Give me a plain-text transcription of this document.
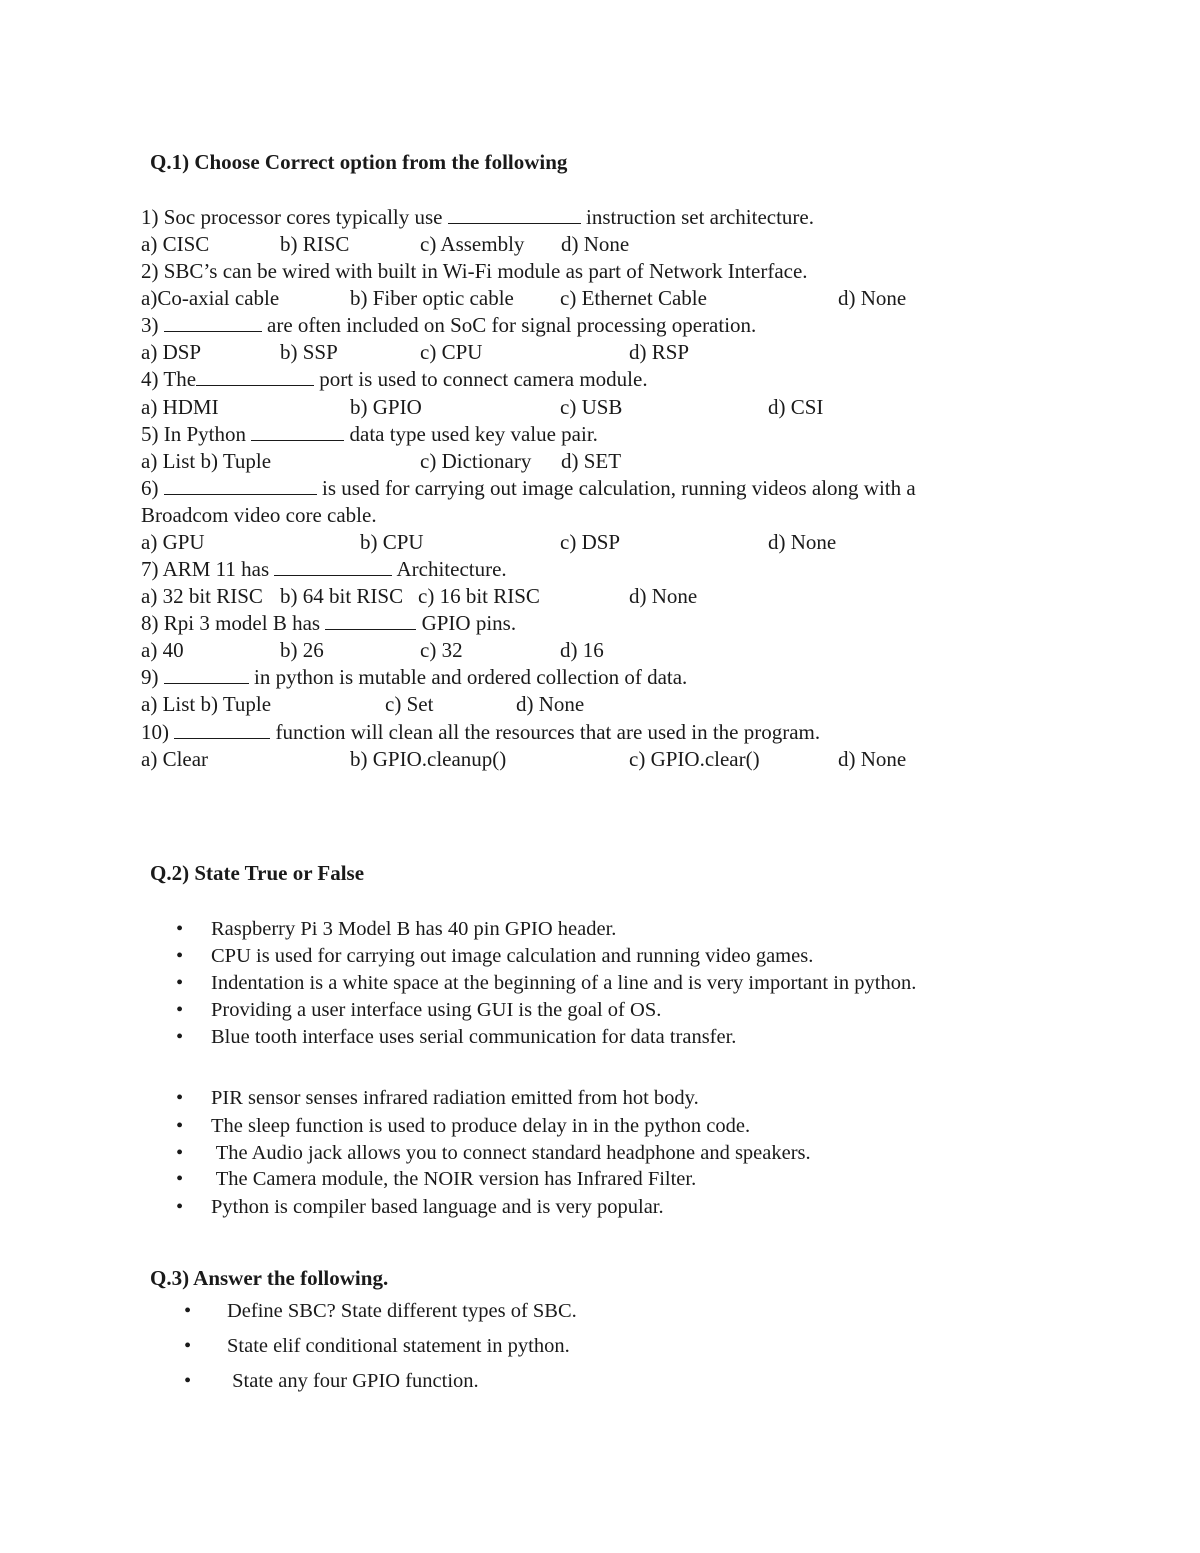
Q.1) Choose Correct option from the following
1) Soc processor cores typically use	instruction set architecture.
a) CISC	b) RISC	c) Assembly d) None
2) SBC’s can be wired with built in Wi-Fi module as part of Network Interface.
a)Co-axial cable	b) Fiber optic cable c) Ethernet Cable	d) None
3)	are often included on SoC for signal processing operation.
a) DSP	b) SSP	c) CPU	d) RSP
4) The	port is used to connect camera module.
a) HDMI	b) GPIO	c) USB	d) CSI
5) In Python	data type used key value pair.
a) List b) Tuple	c) Dictionary d) SET
6)	is used for carrying out image calculation, running videos along with a
Broadcom video core cable.
a) GPU	b) CPU	c) DSP	d) None
7) ARM 11 has	Architecture.
a) 32 bit RISC b) 64 bit RISC c) 16 bit RISC	d) None
8) Rpi 3 model B has	GPIO pins.
a) 40	b) 26	c) 32	d) 16
9)	in python is mutable and ordered collection of data.
a) List b) Tuple	c) Set	d) None
10)	function will clean all the resources that are used in the program.
a) Clear	b) GPIO.cleanup()	c) GPIO.clear()	d) None
Q.2) State True or False
• Raspberry Pi 3 Model B has 40 pin GPIO header.
• CPU is used for carrying out image calculation and running video games.
• Indentation is a white space at the beginning of a line and is very important in python.
• Providing a user interface using GUI is the goal of OS.
• Blue tooth interface uses serial communication for data transfer.
• PIR sensor senses infrared radiation emitted from hot body.
• The sleep function is used to produce delay in in the python code.
• The Audio jack allows you to connect standard headphone and speakers.
• The Camera module, the NOIR version has Infrared Filter.
• Python is compiler based language and is very popular.
Q.3) Answer the following.
• Define SBC? State different types of SBC.
• State elif conditional statement in python.
• State any four GPIO function.
